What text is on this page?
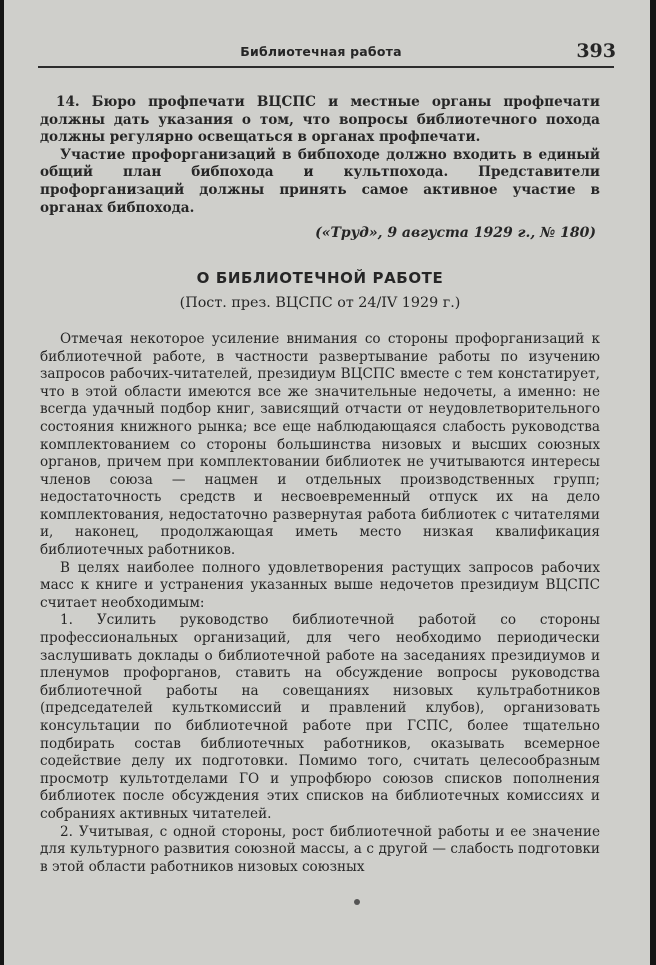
Библиотечная работа	393

14. Бюро профпечати ВЦСПС и местные органы профпечати должны дать указания о том, что вопросы библиотечного похода должны регулярно освещаться в органах профпечати.

Участие профорганизаций в бибпоходе должно входить в единый общий план бибпохода и культпохода. Представители профорганизаций должны принять самое активное участие в органах бибпохода.

(«Труд», 9 августа 1929 г., № 180)
О БИБЛИОТЕЧНОЙ РАБОТЕ
(Пост. през. ВЦСПС от 24/IV 1929 г.)

Отмечая некоторое усиление внимания со стороны профорганизаций к библиотечной работе, в частности развертывание работы по изучению запросов рабочих-читателей, президиум ВЦСПС вместе с тем констатирует, что в этой области имеются все же значительные недочеты, а именно: не всегда удачный подбор книг, зависящий отчасти от неудовлетворительного состояния книжного рынка; все еще наблюдающаяся слабость руководства комплектованием со стороны большинства низовых и высших союзных органов, причем при комплектовании библиотек не учитываются интересы членов союза — нацмен и отдельных производственных групп; недостаточность средств и несвоевременный отпуск их на дело комплектования, недостаточно развернутая работа библиотек с читателями и, наконец, продолжающая иметь место низкая квалификация библиотечных работников.

В целях наиболее полного удовлетворения растущих запросов рабочих масс к книге и устранения указанных выше недочетов президиум ВЦСПС считает необходимым:

1. Усилить руководство библиотечной работой со стороны профессиональных организаций, для чего необходимо периодически заслушивать доклады о библиотечной работе на заседаниях президиумов и пленумов профорганов, ставить на обсуждение вопросы руководства библиотечной работы на совещаниях низовых культработников (председателей культкомиссий и правлений клубов), организовать консультации по библиотечной работе при ГСПС, более тщательно подбирать состав библиотечных работников, оказывать всемерное содействие делу их подготовки. Помимо того, считать целесообразным просмотр культотделами ГО и упрофбюро союзов списков пополнения библиотек после обсуждения этих списков на библиотечных комиссиях и собраниях активных читателей.

2. Учитывая, с одной стороны, рост библиотечной работы и ее значение для культурного развития союзной массы, а с другой — слабость подготовки в этой области работников низовых союзных
